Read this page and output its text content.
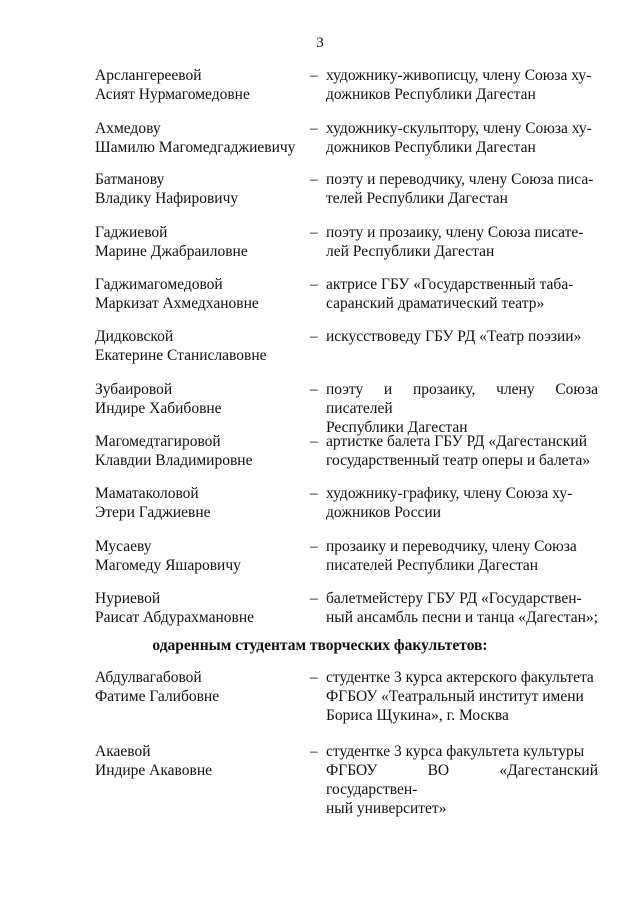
3
Арслангереевой
Асият Нурмагомедовне
– художнику-живописцу, члену Союза ху-
дожников Республики Дагестан
Ахмедову
Шамилю Магомедгаджиевичу
– художнику-скульптору, члену Союза ху-
дожников Республики Дагестан
Батманову
Владику Нафировичу
– поэту и переводчику, члену Союза писа-
телей Республики Дагестан
Гаджиевой
Марине Джабраиловне
– поэту и прозаику, члену Союза писате-
лей Республики Дагестан
Гаджимагомедовой
Маркизат Ахмедхановне
– актрисе ГБУ «Государственный таба-
саранский драматический театр»
Дидковской
Екатерине Станиславовне
– искусствоведу ГБУ РД «Театр поэзии»
Зубаировой
Индире Хабибовне
– поэту и прозаику, члену Союза писателей
Республики Дагестан
Магомедтагировой
Клавдии Владимировне
– артистке балета ГБУ РД «Дагестанский
государственный театр оперы и балета»
Маматаколовой
Этери Гаджиевне
– художнику-графику, члену Союза ху-
дожников России
Мусаеву
Магомеду Яшаровичу
– прозаику и переводчику, члену Союза
писателей Республики Дагестан
Нуриевой
Раисат Абдурахмановне
– балетмейстеру ГБУ РД «Государствен-
ный ансамбль песни и танца «Дагестан»;
одаренным студентам творческих факультетов:
Абдулвагабовой
Фатиме Галибовне
– студентке 3 курса актерского факультета
ФГБОУ «Театральный институт имени
Бориса Щукина», г. Москва
Акаевой
Индире Акавовне
– студентке 3 курса факультета культуры
ФГБОУ ВО «Дагестанский государствен-
ный университет»
